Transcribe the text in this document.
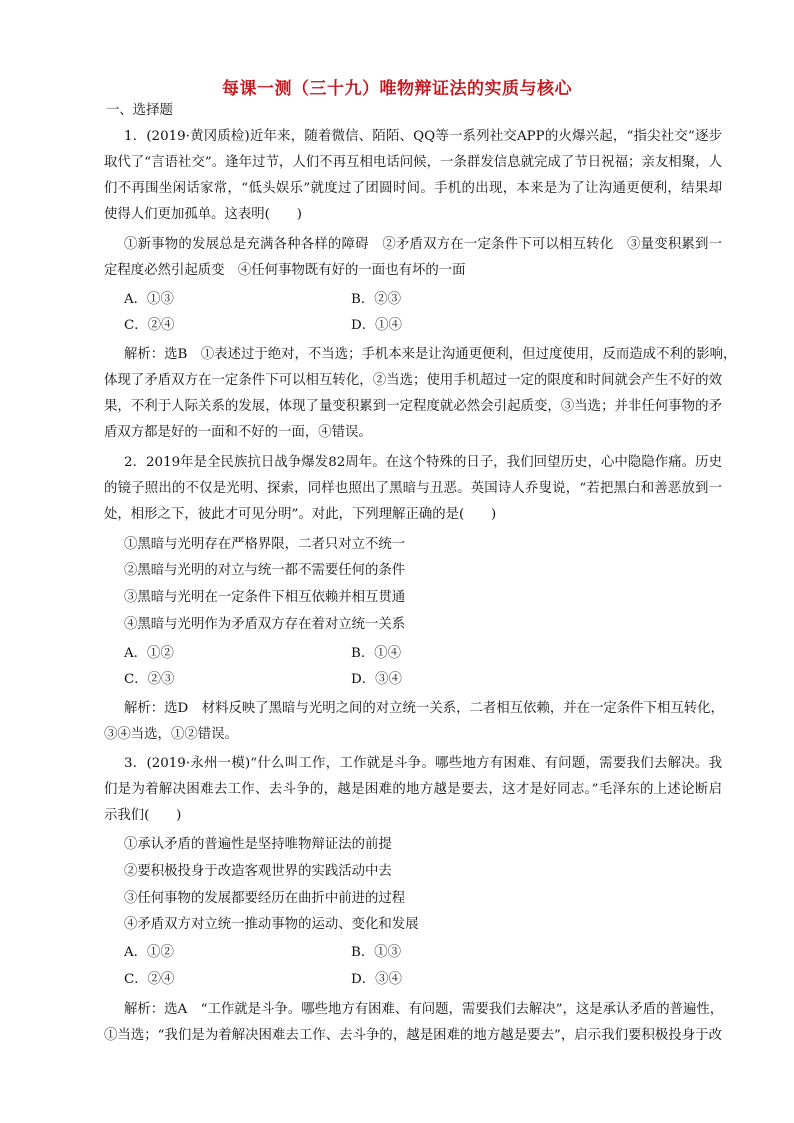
每课一测（三十九）唯物辩证法的实质与核心
一、选择题
1．(2019·黄冈质检)近年来，随着微信、陌陌、QQ等一系列社交APP的火爆兴起，“指尖社交”逐步
取代了“言语社交”。逢年过节，人们不再互相电话问候，一条群发信息就完成了节日祝福；亲友相聚，人
们不再围坐闲话家常，“低头娱乐”就度过了团圆时间。手机的出现，本来是为了让沟通更便利，结果却
使得人们更加孤单。这表明(　　)
①新事物的发展总是充满各种各样的障碍　②矛盾双方在一定条件下可以相互转化　③量变积累到一
定程度必然引起质变　④任何事物既有好的一面也有坏的一面
A．①③	B．②③
C．②④	D．①④
解析：选B　①表述过于绝对，不当选；手机本来是让沟通更便利，但过度使用，反而造成不利的影响，
体现了矛盾双方在一定条件下可以相互转化，②当选；使用手机超过一定的限度和时间就会产生不好的效
果，不利于人际关系的发展，体现了量变积累到一定程度就必然会引起质变，③当选；并非任何事物的矛
盾双方都是好的一面和不好的一面，④错误。
2．2019年是全民族抗日战争爆发82周年。在这个特殊的日子，我们回望历史，心中隐隐作痛。历史
的镜子照出的不仅是光明、探索，同样也照出了黑暗与丑恶。英国诗人乔叟说，“若把黑白和善恶放到一
处，相形之下，彼此才可见分明”。对此，下列理解正确的是(　　)
①黑暗与光明存在严格界限，二者只对立不统一
②黑暗与光明的对立与统一都不需要任何的条件
③黑暗与光明在一定条件下相互依赖并相互贯通
④黑暗与光明作为矛盾双方存在着对立统一关系
A．①②	B．①④
C．②③	D．③④
解析：选D　材料反映了黑暗与光明之间的对立统一关系，二者相互依赖，并在一定条件下相互转化，
③④当选，①②错误。
3．(2019·永州一模)“什么叫工作，工作就是斗争。哪些地方有困难、有问题，需要我们去解决。我
们是为着解决困难去工作、去斗争的，越是困难的地方越是要去，这才是好同志。”毛泽东的上述论断启
示我们(　　)
①承认矛盾的普遍性是坚持唯物辩证法的前提
②要积极投身于改造客观世界的实践活动中去
③任何事物的发展都要经历在曲折中前进的过程
④矛盾双方对立统一推动事物的运动、变化和发展
A．①②	B．①③
C．②④	D．③④
解析：选A　“工作就是斗争。哪些地方有困难、有问题，需要我们去解决”，这是承认矛盾的普遍性，
①当选；“我们是为着解决困难去工作、去斗争的，越是困难的地方越是要去”，启示我们要积极投身于改
